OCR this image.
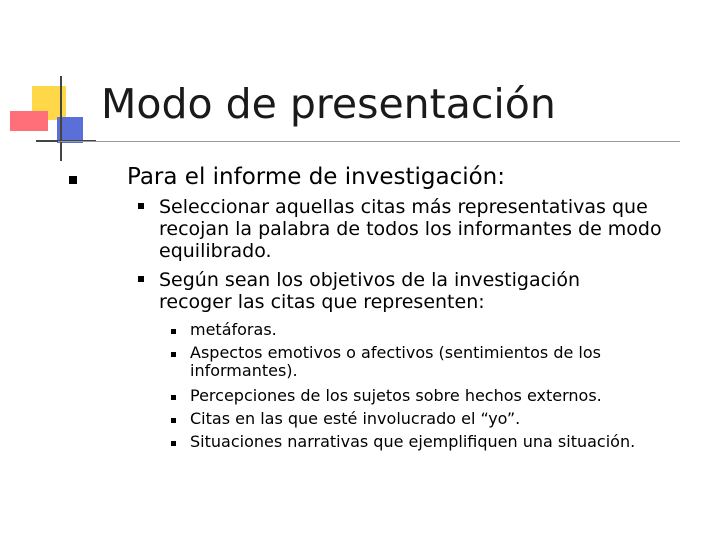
Modo de presentación
Para el informe de investigación:
Seleccionar aquellas citas más representativas que recojan la palabra de todos los informantes de modo equilibrado.
Según sean los objetivos de la investigación recoger las citas que representen:
metáforas.
Aspectos emotivos o afectivos (sentimientos de los informantes).
Percepciones de los sujetos sobre hechos externos.
Citas en las que esté involucrado el “yo”.
Situaciones narrativas que ejemplifiquen una situación.
